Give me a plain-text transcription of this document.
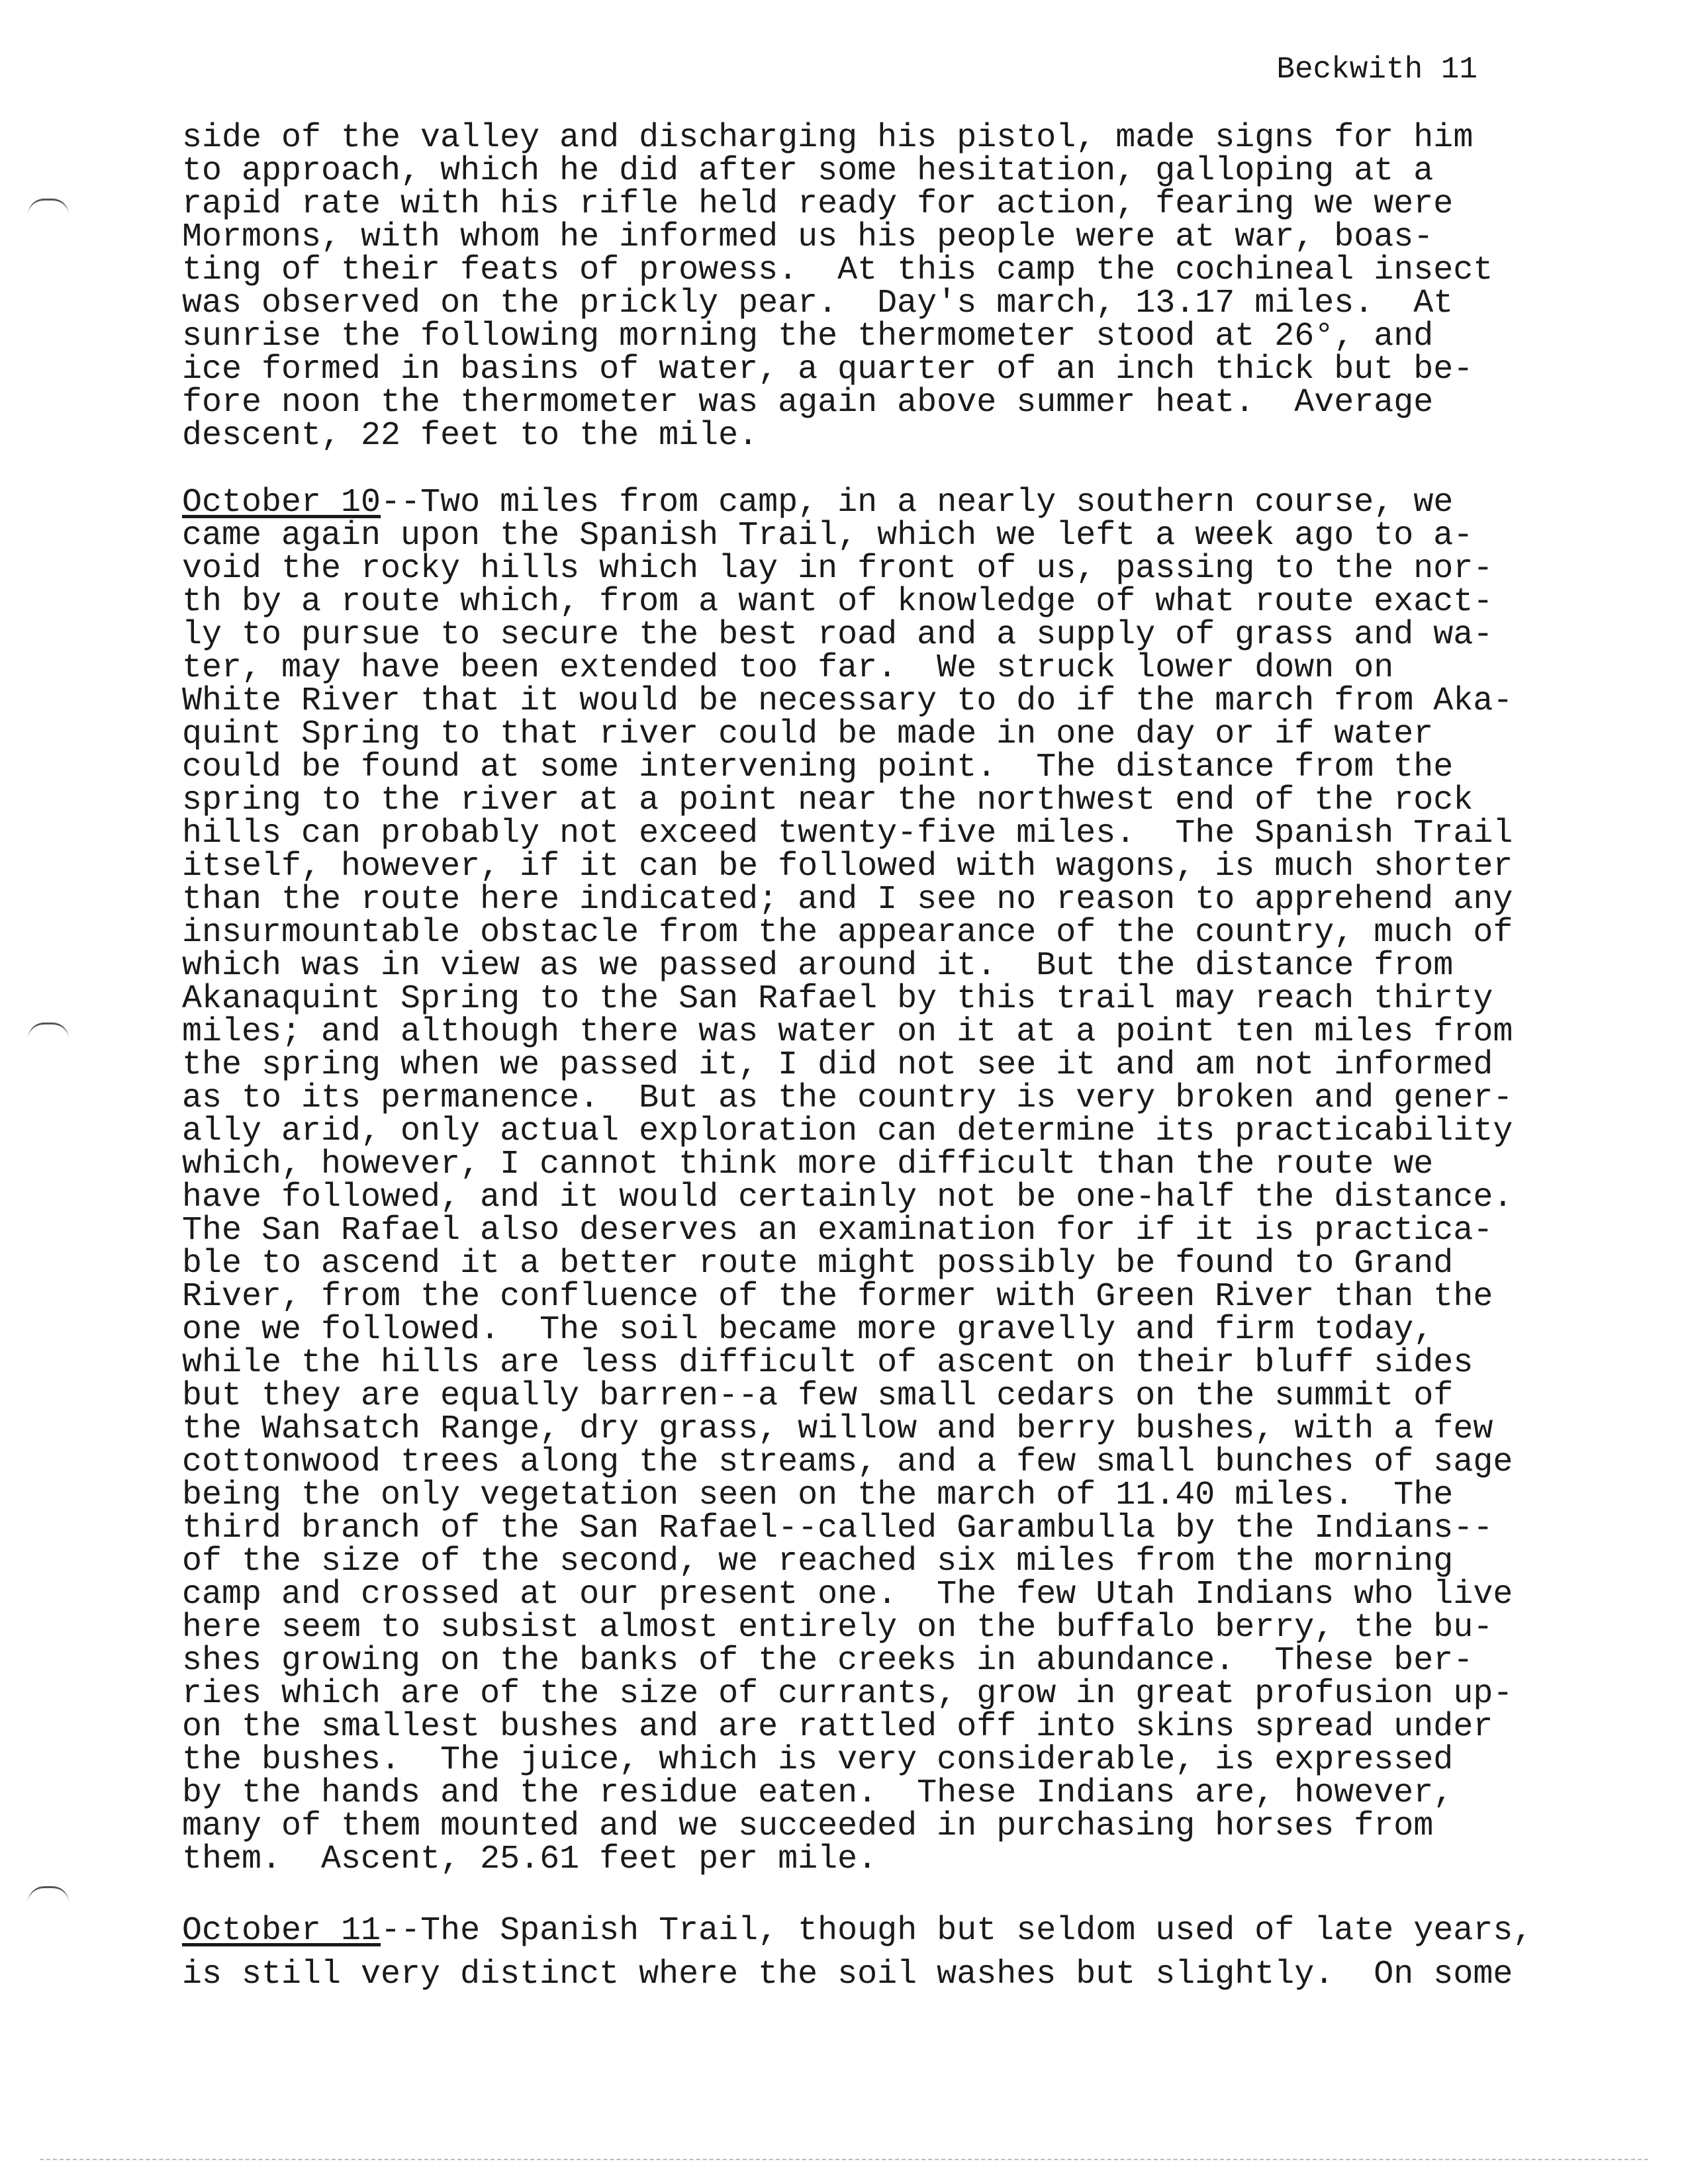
Beckwith 11
side of the valley and discharging his pistol, made signs for him
to approach, which he did after some hesitation, galloping at a
rapid rate with his rifle held ready for action, fearing we were
Mormons, with whom he informed us his people were at war, boas-
ting of their feats of prowess.  At this camp the cochineal insect
was observed on the prickly pear.  Day's march, 13.17 miles.  At
sunrise the following morning the thermometer stood at 26°, and
ice formed in basins of water, a quarter of an inch thick but be-
fore noon the thermometer was again above summer heat.  Average
descent, 22 feet to the mile.
October 10--Two miles from camp, in a nearly southern course, we
came again upon the Spanish Trail, which we left a week ago to a-
void the rocky hills which lay in front of us, passing to the nor-
th by a route which, from a want of knowledge of what route exact-
ly to pursue to secure the best road and a supply of grass and wa-
ter, may have been extended too far.  We struck lower down on
White River that it would be necessary to do if the march from Aka-
quint Spring to that river could be made in one day or if water
could be found at some intervening point.  The distance from the
spring to the river at a point near the northwest end of the rock
hills can probably not exceed twenty-five miles.  The Spanish Trail
itself, however, if it can be followed with wagons, is much shorter
than the route here indicated; and I see no reason to apprehend any
insurmountable obstacle from the appearance of the country, much of
which was in view as we passed around it.  But the distance from
Akanaquint Spring to the San Rafael by this trail may reach thirty
miles; and although there was water on it at a point ten miles from
the spring when we passed it, I did not see it and am not informed
as to its permanence.  But as the country is very broken and gener-
ally arid, only actual exploration can determine its practicability
which, however, I cannot think more difficult than the route we
have followed, and it would certainly not be one-half the distance.
The San Rafael also deserves an examination for if it is practica-
ble to ascend it a better route might possibly be found to Grand
River, from the confluence of the former with Green River than the
one we followed.  The soil became more gravelly and firm today,
while the hills are less difficult of ascent on their bluff sides
but they are equally barren--a few small cedars on the summit of
the Wahsatch Range, dry grass, willow and berry bushes, with a few
cottonwood trees along the streams, and a few small bunches of sage
being the only vegetation seen on the march of 11.40 miles.  The
third branch of the San Rafael--called Garambulla by the Indians--
of the size of the second, we reached six miles from the morning
camp and crossed at our present one.  The few Utah Indians who live
here seem to subsist almost entirely on the buffalo berry, the bu-
shes growing on the banks of the creeks in abundance.  These ber-
ries which are of the size of currants, grow in great profusion up-
on the smallest bushes and are rattled off into skins spread under
the bushes.  The juice, which is very considerable, is expressed
by the hands and the residue eaten.  These Indians are, however,
many of them mounted and we succeeded in purchasing horses from
them.  Ascent, 25.61 feet per mile.
October 11--The Spanish Trail, though but seldom used of late years,
is still very distinct where the soil washes but slightly.  On some
